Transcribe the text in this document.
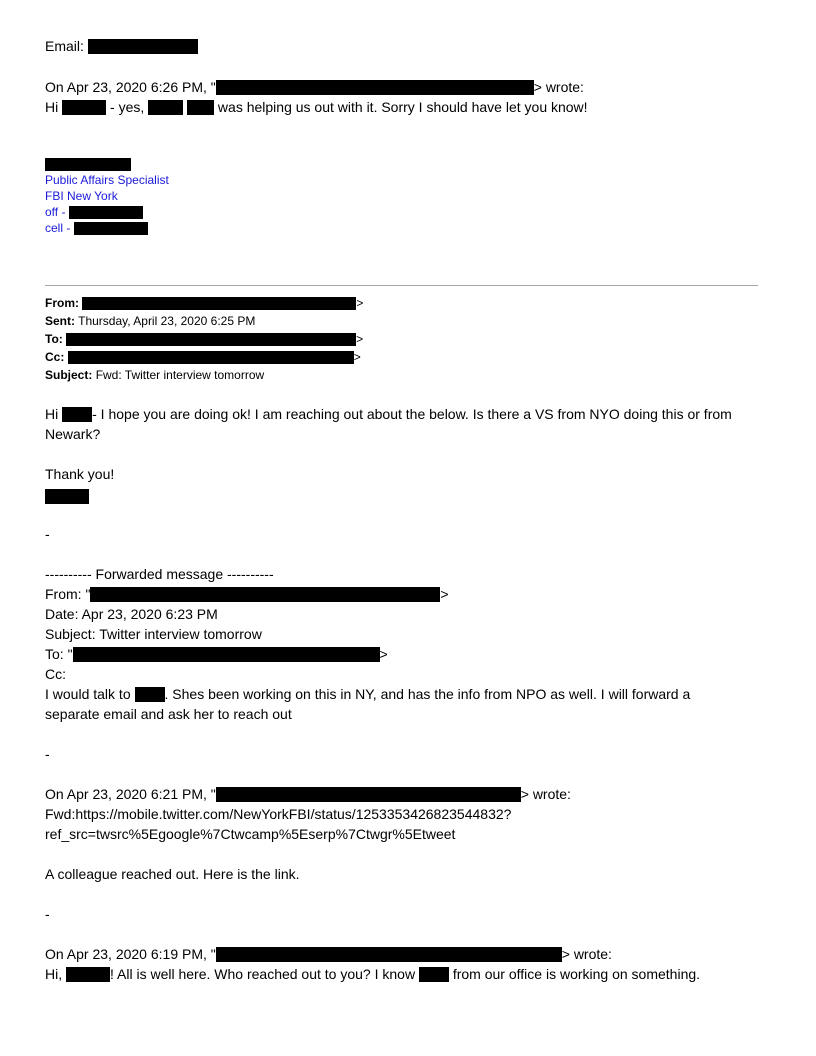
Email:
On Apr 23, 2020 6:26 PM, "	> wrote:
Hi	- yes,	was helping us out with it. Sorry I should have let you know!
Public Affairs Specialist
FBI New York
off -
cell -
From:	>
Sent: Thursday, April 23, 2020 6:25 PM
To:	>
Cc:	>
Subject: Fwd: Twitter interview tomorrow
Hi - I hope you are doing ok! I am reaching out about the below. Is there a VS from NYO doing this or from
Newark?
Thank you!
-
---------- Forwarded message ----------
From: "	>
Date: Apr 23, 2020 6:23 PM
Subject: Twitter interview tomorrow
To: "	>
Cc:
I would talk to . Shes been working on this in NY, and has the info from NPO as well. I will forward a
separate email and ask her to reach out
-
On Apr 23, 2020 6:21 PM, "	> wrote:
Fwd:https://mobile.twitter.com/NewYorkFBI/status/1253353426823544832?
ref_src=twsrc%5Egoogle%7Ctwcamp%5Eserp%7Ctwgr%5Etweet
A colleague reached out. Here is the link.
-
On Apr 23, 2020 6:19 PM, "	> wrote:
Hi,	! All is well here. Who reached out to you? I know	from our office is working on something.
